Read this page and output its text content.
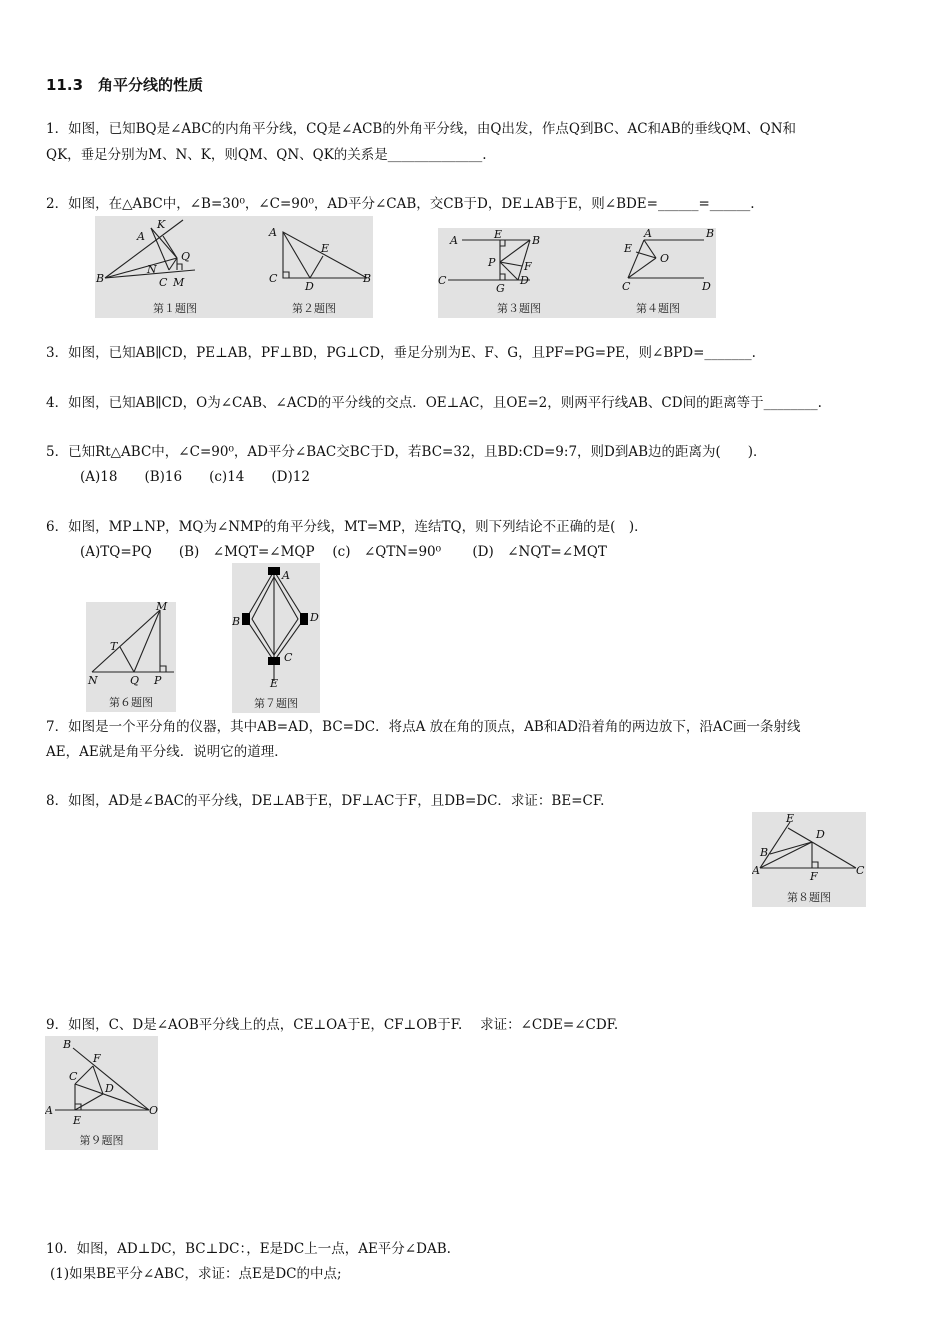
11.3　角平分线的性质
1．如图，已知BQ是∠ABC的内角平分线，CQ是∠ACB的外角平分线，由Q出发，作点Q到BC、AC和AB的垂线QM、QN和
QK，垂足分别为M、N、K，则QM、QN、QK的关系是______________.
2．如图，在△ABC中，∠B=30⁰，∠C=90⁰，AD平分∠CAB，交CB于D，DE⊥AB于E，则∠BDE=______=______.
K
A
Q
N
B	C M
第１题图
A
E
C
D
B
第２题图
A	E	B
P	F
C
G
D
第３题图
A	B
E
O
C	D
第４题图
3．如图，已知AB∥CD，PE⊥AB，PF⊥BD，PG⊥CD，垂足分别为E、F、G，且PF=PG=PE，则∠BPD=_______.
4．如图，已知AB∥CD，O为∠CAB、∠ACD的平分线的交点．OE⊥AC，且OE=2，则两平行线AB、CD间的距离等于________.
5．已知Rt△ABC中，∠C=90⁰，AD平分∠BAC交BC于D，若BC=32，且BD:CD=9:7，则D到AB边的距离为(　　)．
(A)18　　(B)16　　(c)14　　(D)12
6．如图，MP⊥NP，MQ为∠NMP的角平分线，MT=MP，连结TQ，则下列结论不正确的是(　)．
(A)TQ=PQ　　(B)　∠MQT=∠MQP　 (c)　∠QTN=90⁰　　 (D)　∠NQT=∠MQT
M
T
N	Q P
第６题图
A
B	D
C
E
第７题图
7．如图是一个平分角的仪器，其中AB=AD，BC=DC．将点A 放在角的顶点，AB和AD沿着角的两边放下，沿AC画一条射线
AE，AE就是角平分线．说明它的道理．
8．如图，AD是∠BAC的平分线，DE⊥AB于E，DF⊥AC于F，且DB=DC．求证：BE=CF.
E
D
B
A	F	C
第８题图
9．如图，C、D是∠AOB平分线上的点，CE⊥OA于E，CF⊥OB于F.　 求证：∠CDE=∠CDF.
B
F
C
D
A
E
O
第９题图
10．如图，AD⊥DC，BC⊥DC：，E是DC上一点，AE平分∠DAB.
(1)如果BE平分∠ABC，求证：点E是DC的中点;
